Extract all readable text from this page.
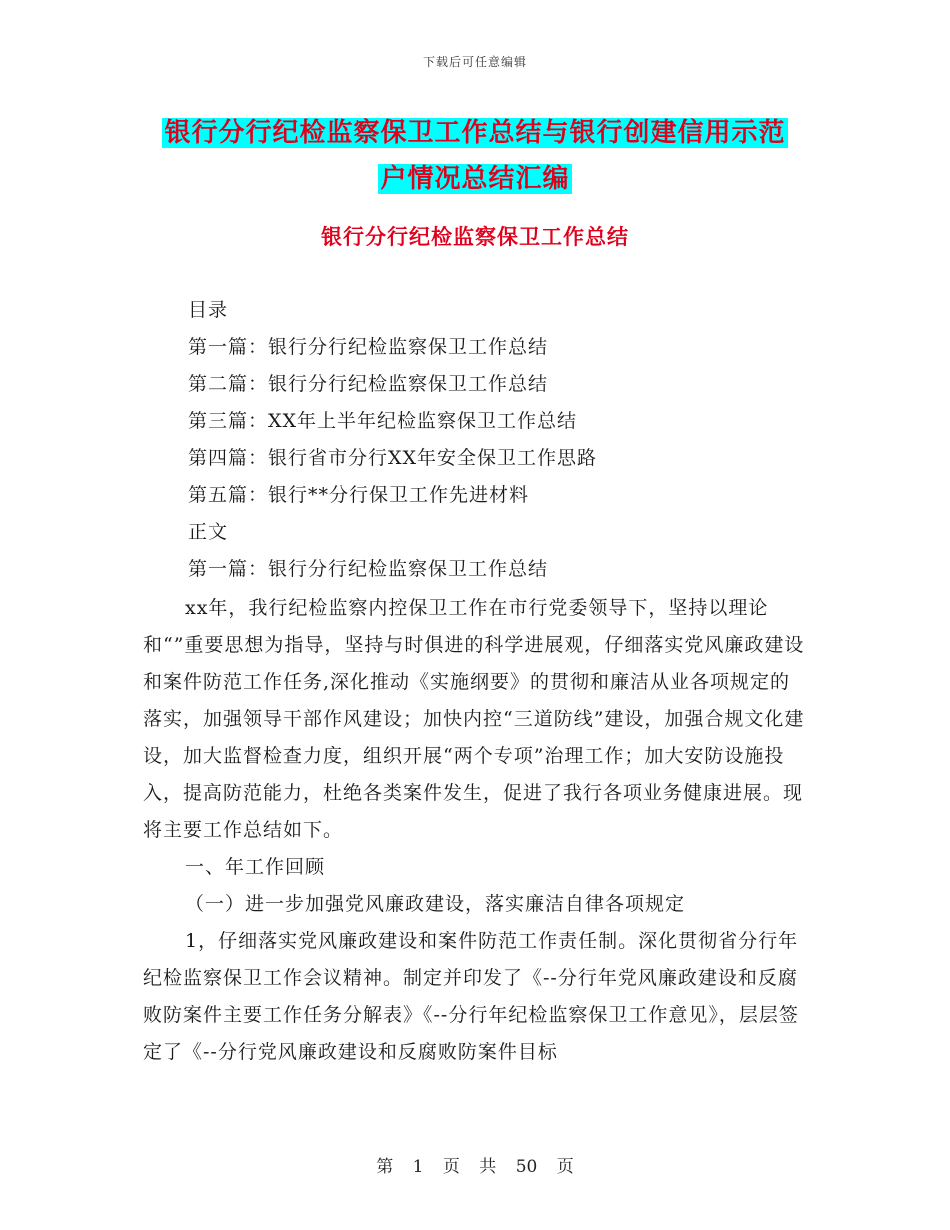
下载后可任意编辑
银行分行纪检监察保卫工作总结与银行创建信用示范
户情况总结汇编
银行分行纪检监察保卫工作总结
目录
第一篇：银行分行纪检监察保卫工作总结
第二篇：银行分行纪检监察保卫工作总结
第三篇：XX年上半年纪检监察保卫工作总结
第四篇：银行省市分行XX年安全保卫工作思路
第五篇：银行**分行保卫工作先进材料
正文
第一篇：银行分行纪检监察保卫工作总结

xx年，我行纪检监察内控保卫工作在市行党委领导下，坚持以理论和“”重要思想为指导，坚持与时俱进的科学进展观，仔细落实党风廉政建设和案件防范工作任务,深化推动《实施纲要》的贯彻和廉洁从业各项规定的落实，加强领导干部作风建设；加快内控“三道防线”建设，加强合规文化建设，加大监督检查力度，组织开展“两个专项”治理工作；加大安防设施投入，提高防范能力，杜绝各类案件发生，促进了我行各项业务健康进展。现将主要工作总结如下。

一、年工作回顾

（一）进一步加强党风廉政建设，落实廉洁自律各项规定

1，仔细落实党风廉政建设和案件防范工作责任制。深化贯彻省分行年纪检监察保卫工作会议精神。制定并印发了《--分行年党风廉政建设和反腐败防案件主要工作任务分解表》《--分行年纪检监察保卫工作意见》，层层签定了《--分行党风廉政建设和反腐败防案件目标

第 1 页 共 50 页
